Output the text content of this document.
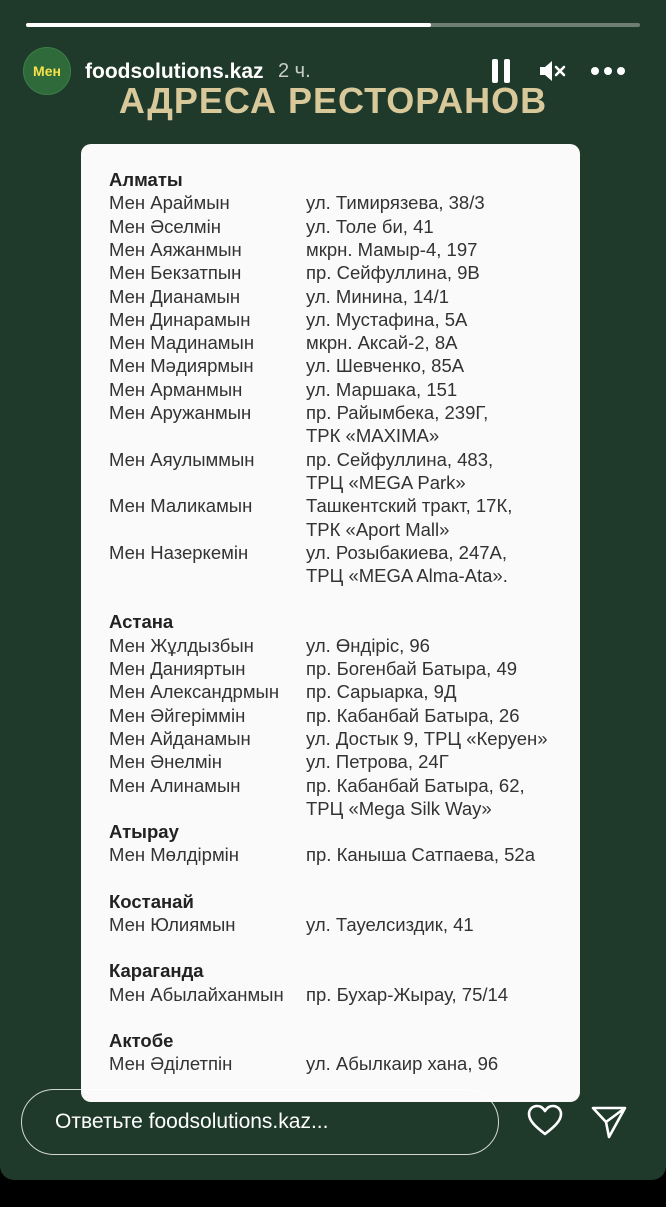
Мен foodsolutions.kaz 2 ч.
АДРЕСА РЕСТОРАНОВ
Алматы
Мен Араймын	ул. Тимирязева, 38/3
Мен Әселмін	ул. Толе би, 41
Мен Аяжанмын	мкрн. Мамыр-4, 197
Мен Бекзатпын	пр. Сейфуллина, 9В
Мен Дианамын	ул. Минина, 14/1
Мен Динарамын	ул. Мустафина, 5А
Мен Мадинамын	мкрн. Аксай-2, 8А
Мен Мәдиярмын	ул. Шевченко, 85А
Мен Арманмын	ул. Маршака, 151
Мен Аружанмын	пр. Райымбека, 239Г,
ТРК «MAXIMA»
Мен Аяулыммын	пр. Сейфуллина, 483,
ТРЦ «MEGA Park»
Мен Маликамын	Ташкентский тракт, 17К,
ТРК «Aport Mall»
Мен Назеркемін	ул. Розыбакиева, 247А,
ТРЦ «MEGA Alma-Ata».
Астана
Мен Жұлдызбын	ул. Өндіріс, 96
Мен Данияртын	пр. Богенбай Батыра, 49
Мен Александрмын пр. Сарыарка, 9Д
Мен Әйгеріммін	пр. Кабанбай Батыра, 26
Мен Айданамын	ул. Достык 9, ТРЦ «Керуен»
Мен Әнелмін	ул. Петрова, 24Г
Мен Алинамын	пр. Кабанбай Батыра, 62,
ТРЦ «Mega Silk Way»
Атырау
Мен Мөлдірмін	пр. Каныша Сатпаева, 52а
Костанай
Мен Юлиямын	ул. Тауелсиздик, 41
Караганда
Мен Абылайханмын пр. Бухар-Жырау, 75/14
Актобе
Мен Әділетпін	ул. Абылкаир хана, 96
Ответьте foodsolutions.kaz...
